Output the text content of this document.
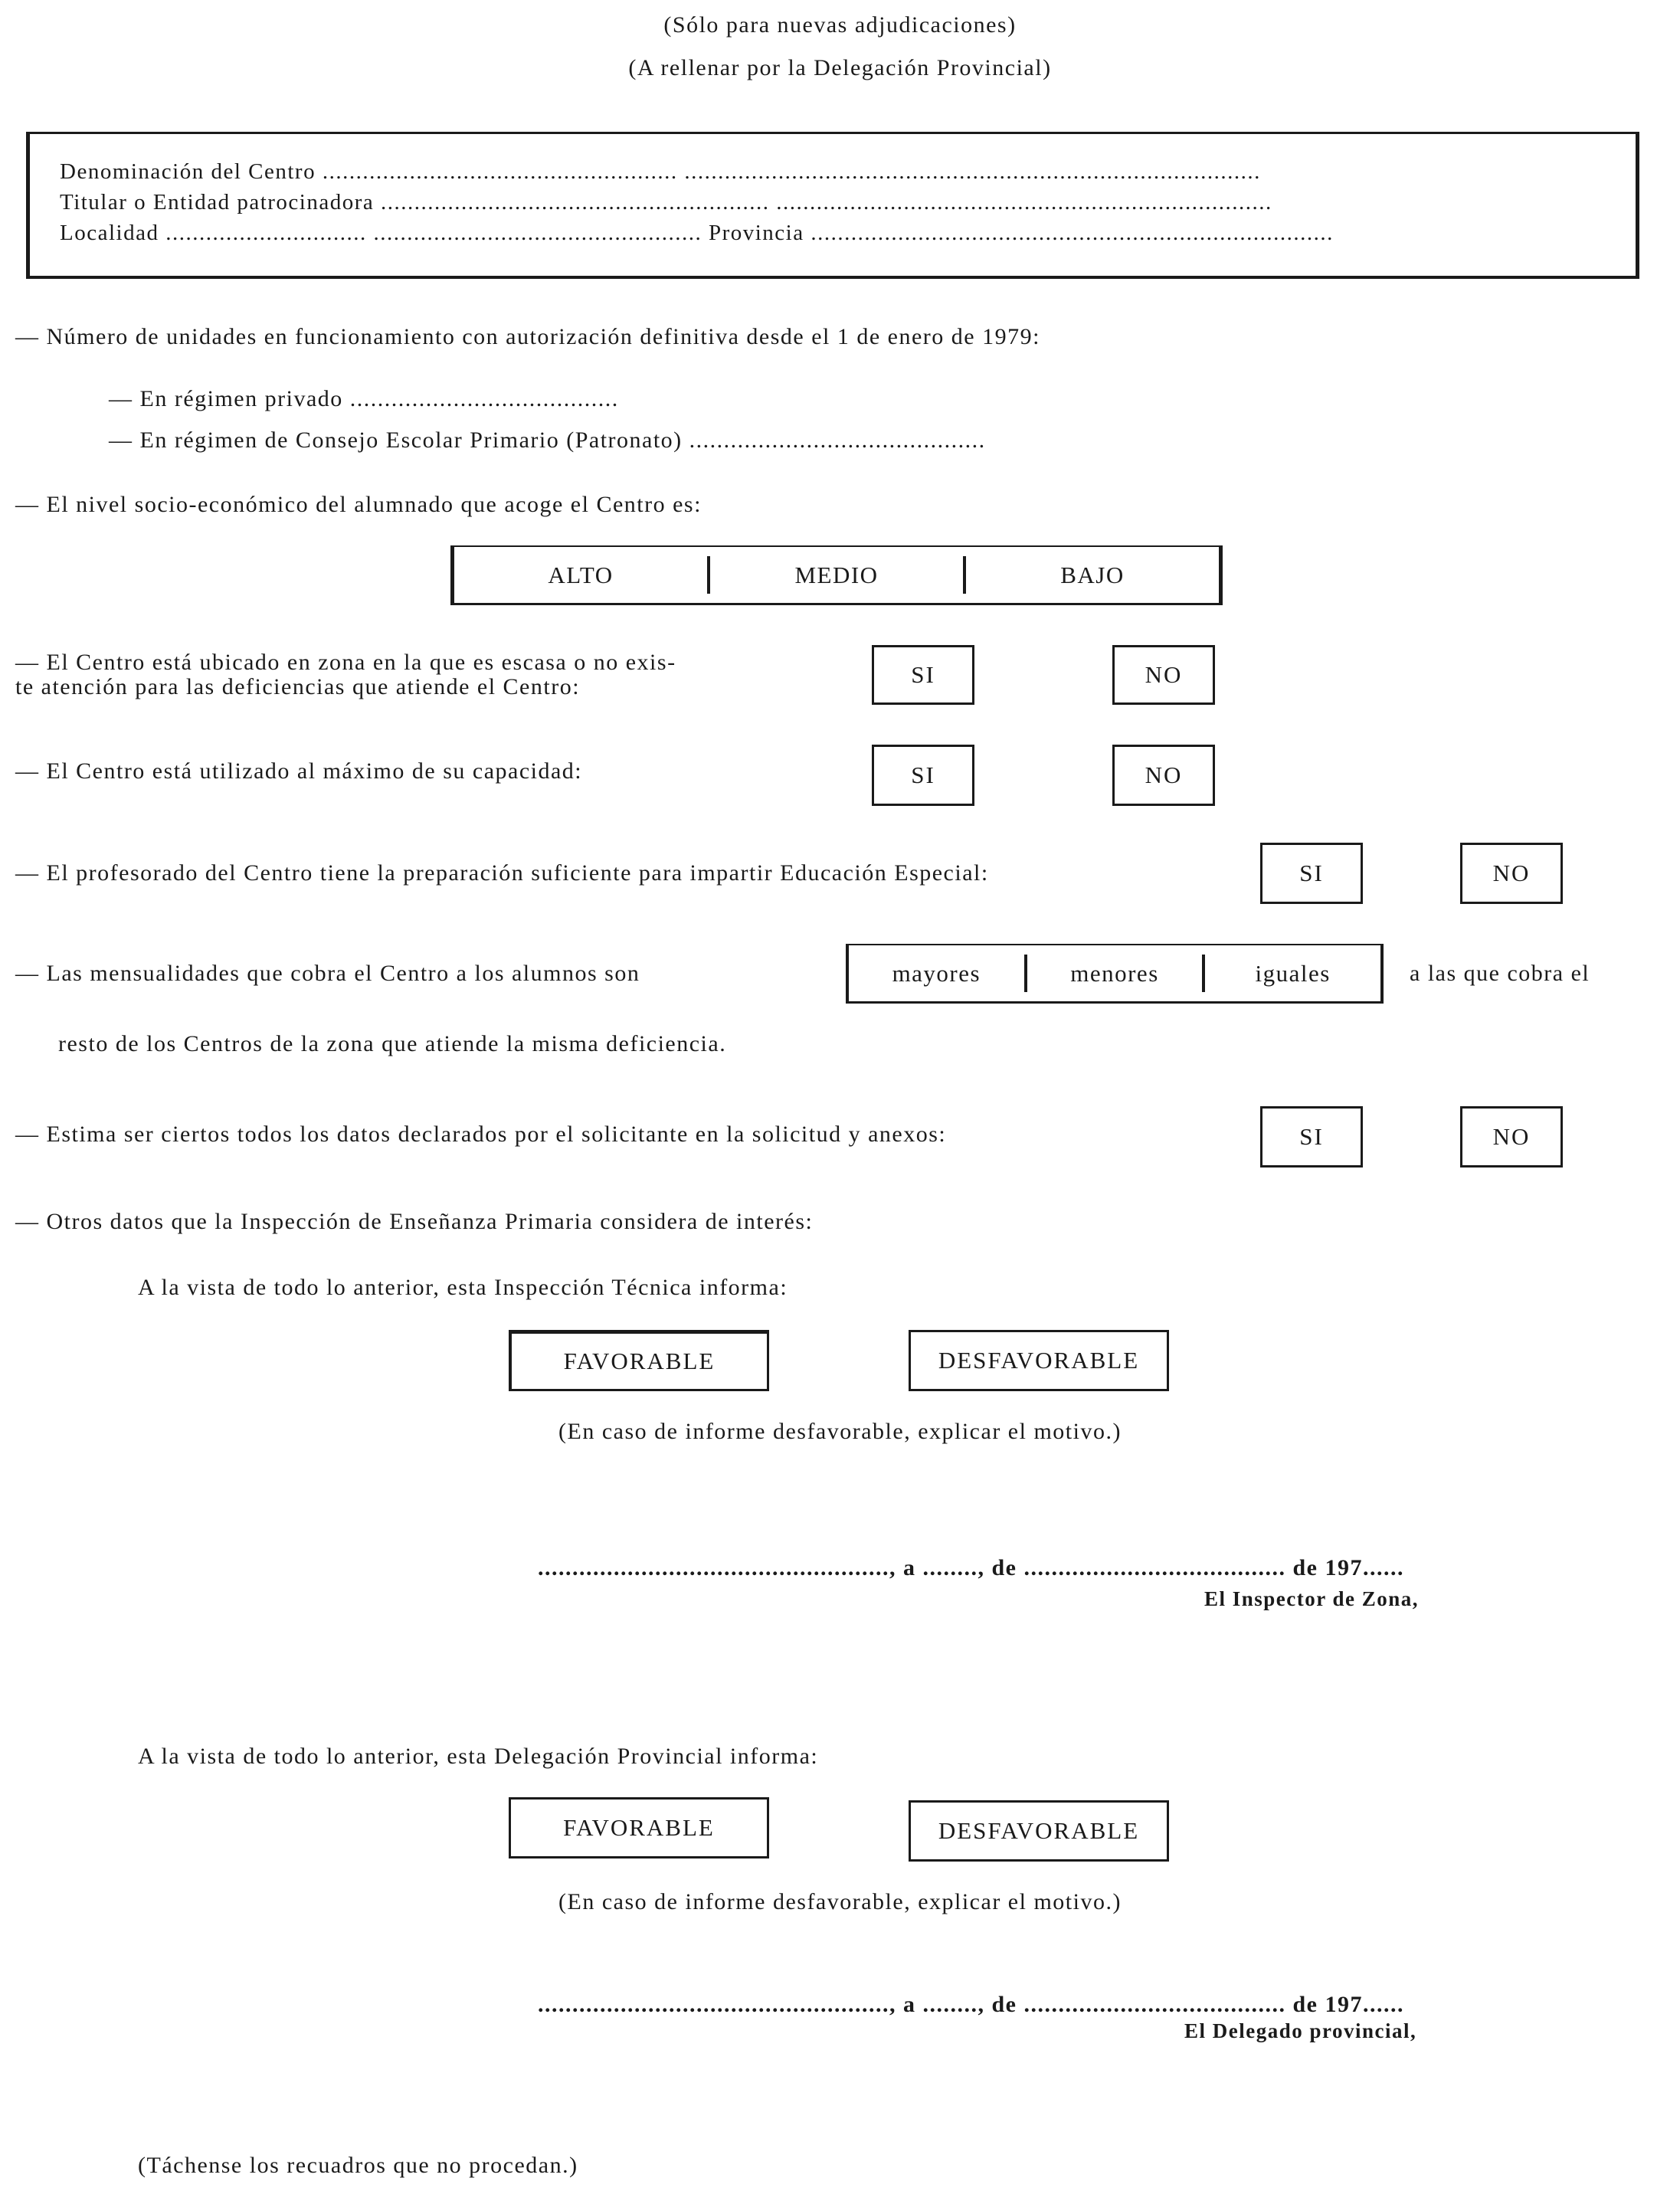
(Sólo para nuevas adjudicaciones)
(A rellenar por la Delegación Provincial)
Denominación del Centro ..................................................... ......................................................................................
Titular o Entidad patrocinadora .......................................................... ..........................................................................
Localidad .............................. ................................................. Provincia ..............................................................................
— Número de unidades en funcionamiento con autorización definitiva desde el 1 de enero de 1979:
— En régimen privado .......................................
— En régimen de Consejo Escolar Primario (Patronato) ...........................................
— El nivel socio-económico del alumnado que acoge el Centro es:
ALTO	MEDIO	BAJO
— El Centro está ubicado en zona en la que es escasa o no exis-
te atención para las deficiencias que atiende el Centro:	SI	NO
— El Centro está utilizado al máximo de su capacidad:	SI	NO
— El profesorado del Centro tiene la preparación suficiente para impartir Educación Especial:	SI	NO
— Las mensualidades que cobra el Centro a los alumnos son	mayores	menores	iguales	a las que cobra el
resto de los Centros de la zona que atiende la misma deficiencia.
— Estima ser ciertos todos los datos declarados por el solicitante en la solicitud y anexos:	SI	NO
— Otros datos que la Inspección de Enseñanza Primaria considera de interés:
A la vista de todo lo anterior, esta Inspección Técnica informa:
FAVORABLE	DESFAVORABLE
(En caso de informe desfavorable, explicar el motivo.)
..................................................., a ........, de ...................................... de 197......
El Inspector de Zona,
A la vista de todo lo anterior, esta Delegación Provincial informa:
FAVORABLE	DESFAVORABLE
(En caso de informe desfavorable, explicar el motivo.)
..................................................., a ........, de ...................................... de 197......
El Delegado provincial,
(Táchense los recuadros que no procedan.)
